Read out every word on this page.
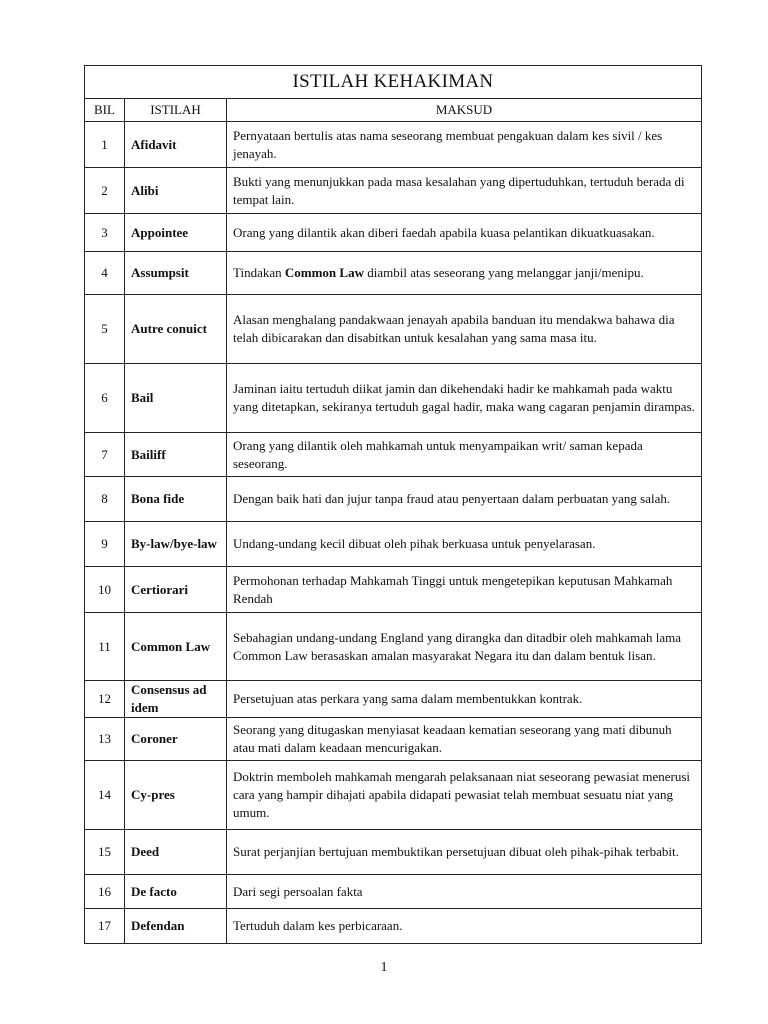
ISTILAH KEHAKIMAN		
BIL	ISTILAH	MAKSUD
1	Afidavit	Pernyataan bertulis atas nama seseorang membuat pengakuan dalam kes sivil / kes jenayah.
2	Alibi	Bukti yang menunjukkan pada masa kesalahan yang dipertuduhkan, tertuduh berada di tempat lain.
3	Appointee	Orang yang dilantik akan diberi faedah apabila kuasa pelantikan dikuatkuasakan.
4	Assumpsit	Tindakan Common Law diambil atas seseorang yang melanggar janji/menipu.
5	Autre conuict	Alasan menghalang pandakwaan jenayah apabila banduan itu mendakwa bahawa dia telah dibicarakan dan disabitkan untuk kesalahan yang sama masa itu.
6	Bail	Jaminan iaitu tertuduh diikat jamin dan dikehendaki hadir ke mahkamah pada waktu yang ditetapkan, sekiranya tertuduh gagal hadir, maka wang cagaran penjamin dirampas.
7	Bailiff	Orang yang dilantik oleh mahkamah untuk menyampaikan writ/ saman kepada seseorang.
8	Bona fide	Dengan baik hati dan jujur tanpa fraud atau penyertaan dalam perbuatan yang salah.
9	By-law/bye-law	Undang-undang kecil dibuat oleh pihak berkuasa untuk penyelarasan.
10	Certiorari	Permohonan terhadap Mahkamah Tinggi untuk mengetepikan keputusan Mahkamah Rendah
11	Common Law	Sebahagian undang-undang England yang dirangka dan ditadbir oleh mahkamah lama Common Law berasaskan amalan masyarakat Negara itu dan dalam bentuk lisan.
12	Consensus ad idem	Persetujuan atas perkara yang sama dalam membentukkan kontrak.
13	Coroner	Seorang yang ditugaskan menyiasat keadaan kematian seseorang yang mati dibunuh atau mati dalam keadaan mencurigakan.
14	Cy-pres	Doktrin memboleh mahkamah mengarah pelaksanaan niat seseorang pewasiat menerusi cara yang hampir dihajati apabila didapati pewasiat telah membuat sesuatu niat yang umum.
15	Deed	Surat perjanjian bertujuan membuktikan persetujuan dibuat oleh pihak-pihak terbabit.
16	De facto	Dari segi persoalan fakta
17	Defendan	Tertuduh dalam kes perbicaraan.
1
